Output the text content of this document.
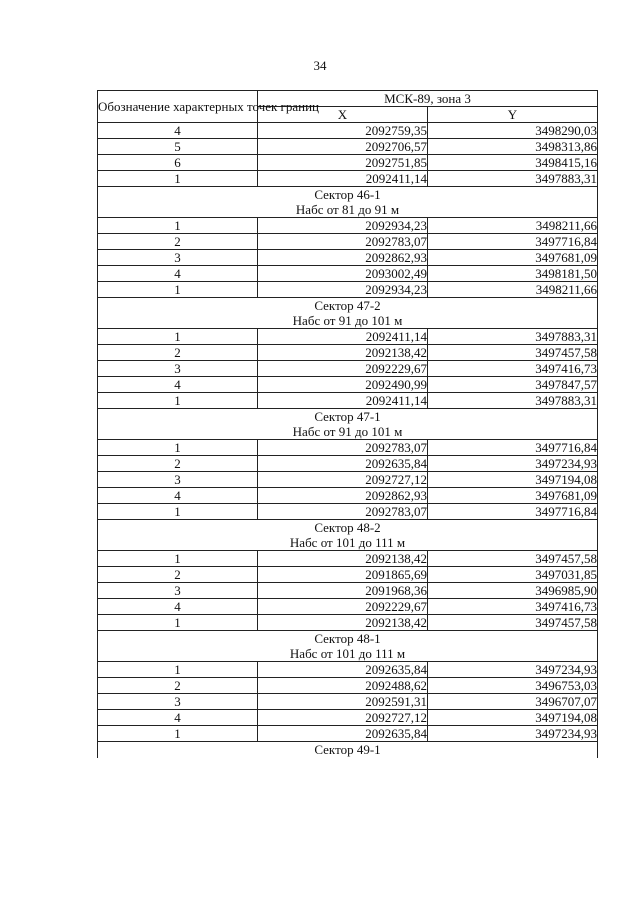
34
Обозначение характерных точек границ	МСК-89, зона 3	
	X	Y
4	2092759,35	3498290,03
5	2092706,57	3498313,86
6	2092751,85	3498415,16
1	2092411,14	3497883,31

Сектор 46-1
Набс от 81 до 91 м		

1	2092934,23	3498211,66
2	2092783,07	3497716,84
3	2092862,93	3497681,09
4	2093002,49	3498181,50
1	2092934,23	3498211,66

Сектор 47-2
Набс от 91 до 101 м		

1	2092411,14	3497883,31
2	2092138,42	3497457,58
3	2092229,67	3497416,73
4	2092490,99	3497847,57
1	2092411,14	3497883,31

Сектор 47-1
Набс от 91 до 101 м		

1	2092783,07	3497716,84
2	2092635,84	3497234,93
3	2092727,12	3497194,08
4	2092862,93	3497681,09
1	2092783,07	3497716,84

Сектор 48-2
Набс от 101 до 111 м		

1	2092138,42	3497457,58
2	2091865,69	3497031,85
3	2091968,36	3496985,90
4	2092229,67	3497416,73
1	2092138,42	3497457,58

Сектор 48-1
Набс от 101 до 111 м		

1	2092635,84	3497234,93
2	2092488,62	3496753,03
3	2092591,31	3496707,07
4	2092727,12	3497194,08
1	2092635,84	3497234,93

Сектор 49-1		
